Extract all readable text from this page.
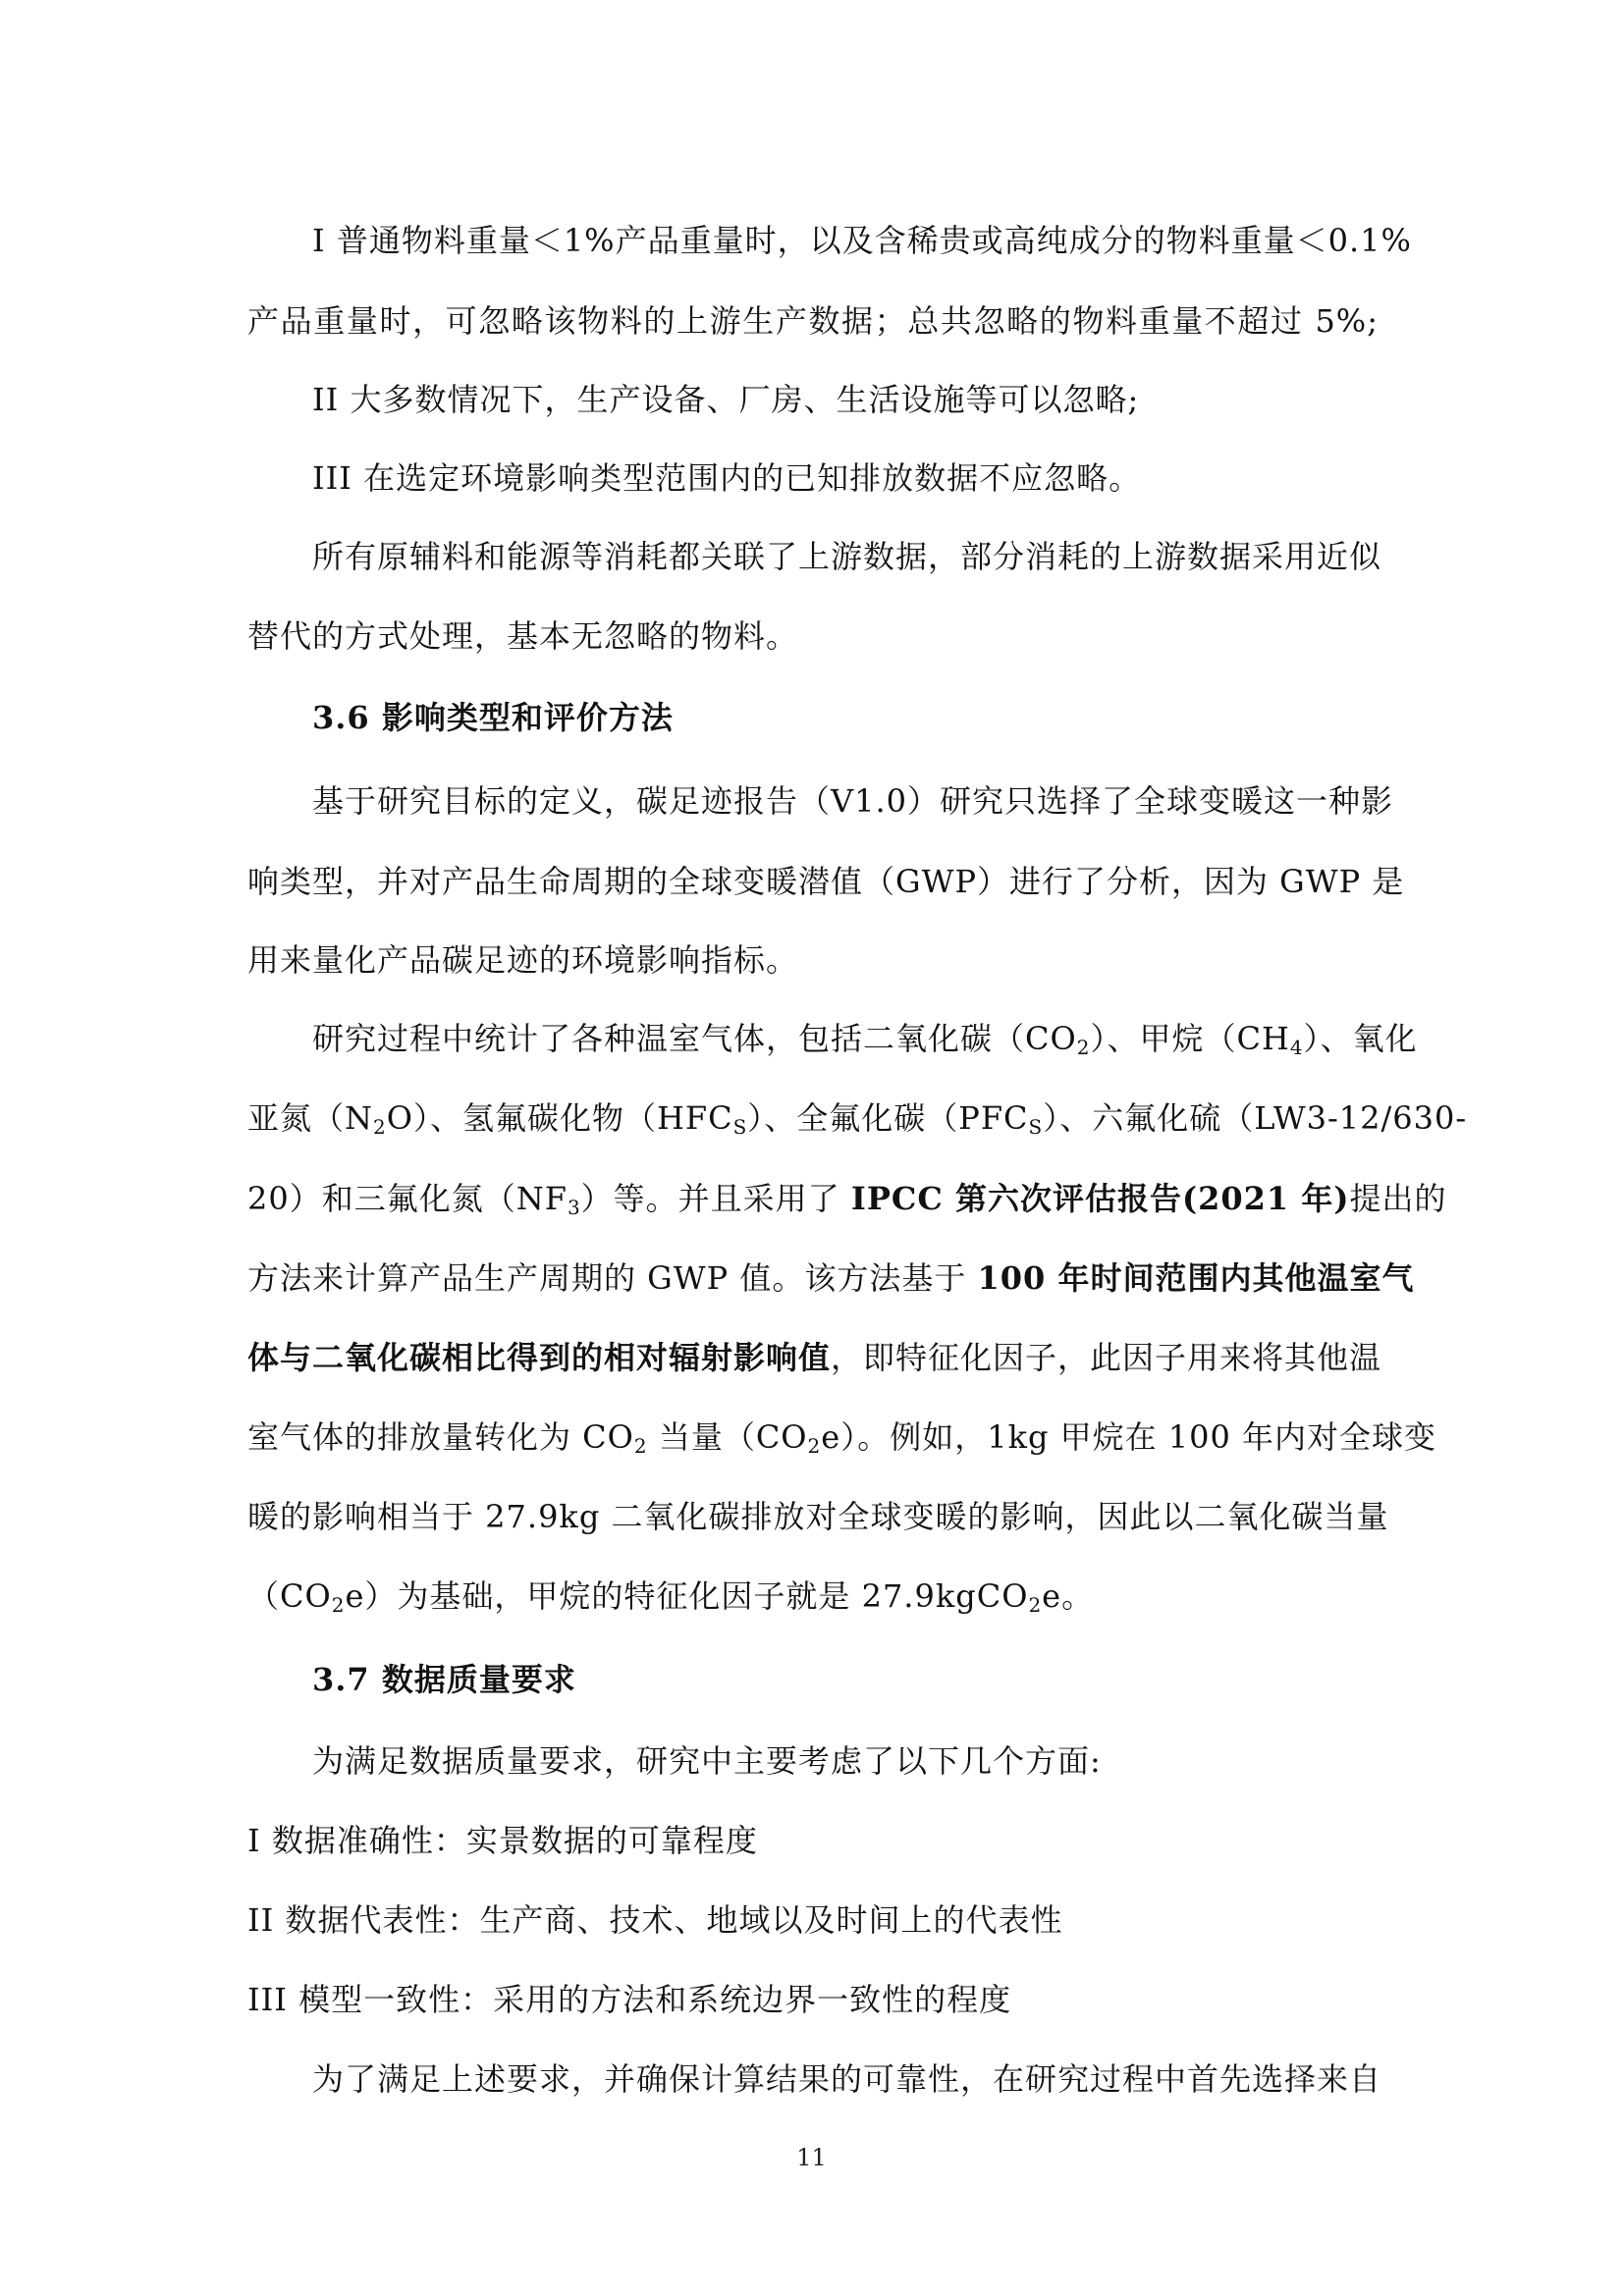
I 普通物料重量＜1%产品重量时，以及含稀贵或高纯成分的物料重量＜0.1%
产品重量时，可忽略该物料的上游生产数据；总共忽略的物料重量不超过 5%;
II 大多数情况下，生产设备、厂房、生活设施等可以忽略;
III 在选定环境影响类型范围内的已知排放数据不应忽略。
所有原辅料和能源等消耗都关联了上游数据，部分消耗的上游数据采用近似
替代的方式处理，基本无忽略的物料。
3.6 影响类型和评价方法
基于研究目标的定义，碳足迹报告（V1.0）研究只选择了全球变暖这一种影
响类型，并对产品生命周期的全球变暖潜值（GWP）进行了分析，因为 GWP 是
用来量化产品碳足迹的环境影响指标。
研究过程中统计了各种温室气体，包括二氧化碳$(CO_2)$、甲烷$(CH_4)$、氧化
亚氮$(N_2O)$、氢氟碳化物$(HFC_S)$、全氟化碳$(PFC_S)$、六氟化硫（LW3-12/630-
20）和三氟化氮$(NF_3)$等。并且采用了 IPCC 第六次评估报告(2021 年)提出的
方法来计算产品生产周期的 GWP 值。该方法基于 100 年时间范围内其他温室气
体与二氧化碳相比得到的相对辐射影响值，即特征化因子，此因子用来将其他温
室气体的排放量转化为 $CO_2$ 当量$(CO_2e)$。例如，1kg 甲烷在 100 年内对全球变
暖的影响相当于 27.9kg 二氧化碳排放对全球变暖的影响，因此以二氧化碳当量
$(CO_2e)$为基础，甲烷的特征化因子就是 27.9kgCO$_2$e。
3.7 数据质量要求
为满足数据质量要求，研究中主要考虑了以下几个方面:
I 数据准确性：实景数据的可靠程度
II 数据代表性：生产商、技术、地域以及时间上的代表性
III 模型一致性：采用的方法和系统边界一致性的程度
为了满足上述要求，并确保计算结果的可靠性，在研究过程中首先选择来自
11
